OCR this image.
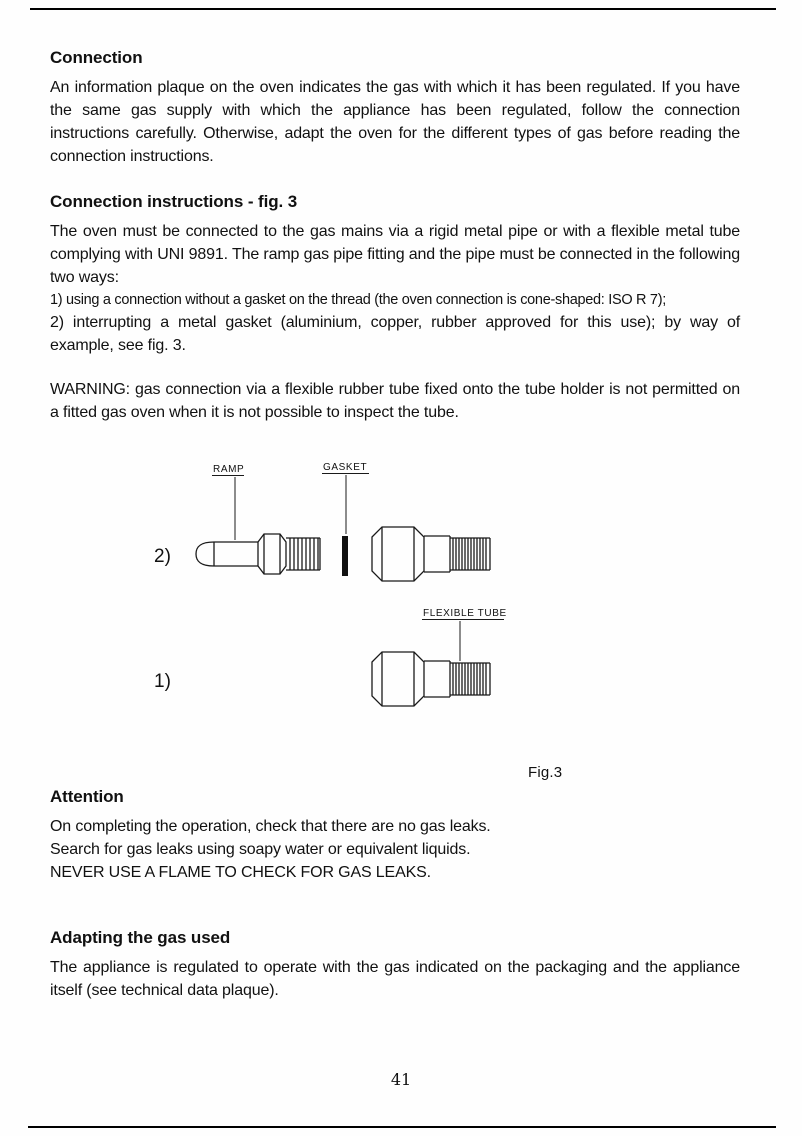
Connection

An information plaque on the oven indicates the gas with which it has been regulated. If you have the same gas supply with which the appliance has been regulated, follow the connection instructions carefully. Otherwise, adapt the oven for the different types of gas before reading the connection instructions.

Connection instructions - fig. 3

The oven must be connected to the gas mains via a rigid metal pipe or with a flexible metal tube complying with UNI 9891. The ramp gas pipe fitting and the pipe must be connected in the following two ways:

1) using a connection without a gasket on the thread (the oven connection is cone-shaped: ISO R 7);

2) interrupting a metal gasket (aluminium, copper, rubber approved for this use); by way of example, see fig. 3.

WARNING: gas connection via a flexible rubber tube fixed onto the tube holder is not permitted on a fitted gas oven when it is not possible to inspect the tube.

RAMP	GASKET
2)
FLEXIBLE TUBE
1)
Fig.3
Attention

On completing the operation, check that there are no gas leaks.

Search for gas leaks using soapy water or equivalent liquids.

NEVER USE A FLAME TO CHECK FOR GAS LEAKS.

Adapting the gas used

The appliance is regulated to operate with the gas indicated on the packaging and the appliance itself (see technical data plaque).

41
